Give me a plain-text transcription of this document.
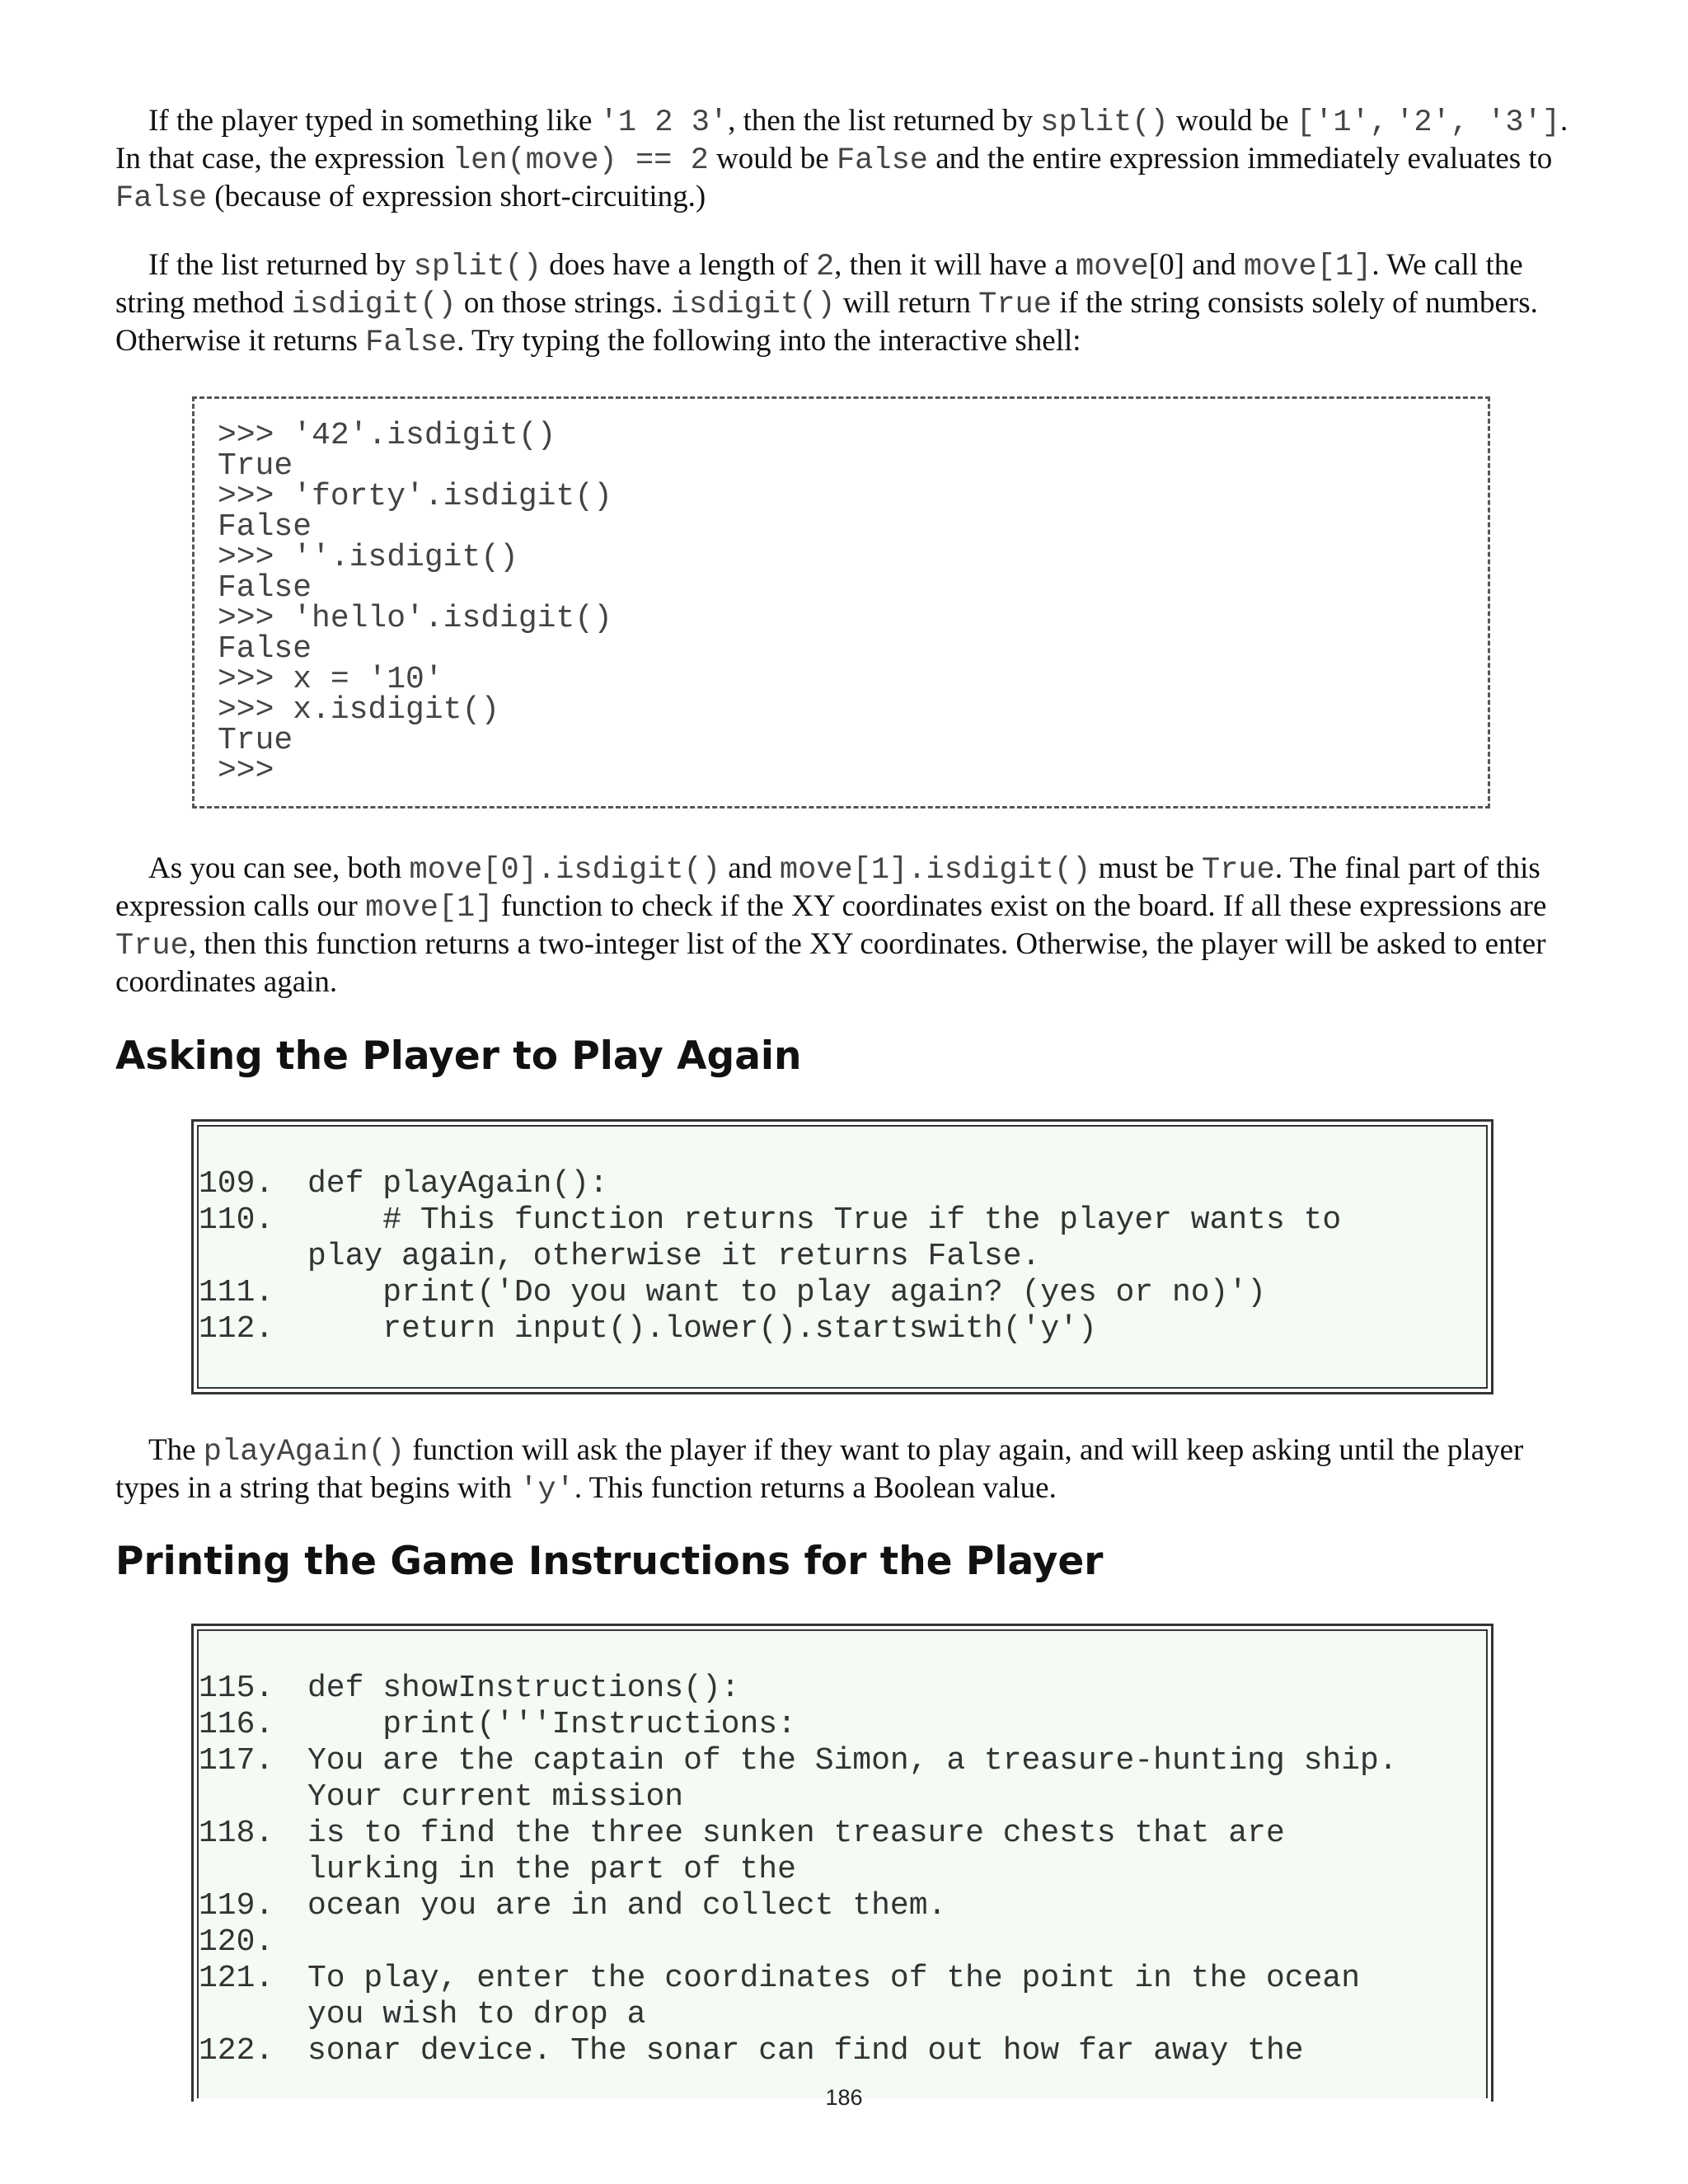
If the player typed in something like '1 2 3', then the list returned by split() would be ['1', '2', '3']. In that case, the expression len(move) == 2 would be False and the entire expression immediately evaluates to False (because of expression short-circuiting.)

If the list returned by split() does have a length of 2, then it will have a move[0] and move[1]. We call the string method isdigit() on those strings. isdigit() will return True if the string consists solely of numbers. Otherwise it returns False. Try typing the following into the interactive shell:

>>> '42'.isdigit()
True
>>> 'forty'.isdigit()
False
>>> ''.isdigit()
False
>>> 'hello'.isdigit()
False
>>> x = '10'
>>> x.isdigit()
True
>>>

As you can see, both move[0].isdigit() and move[1].isdigit() must be True. The final part of this expression calls our move[1] function to check if the XY coordinates exist on the board. If all these expressions are True, then this function returns a two-integer list of the XY coordinates. Otherwise, the player will be asked to enter coordinates again.

Asking the Player to Play Again
109.	def playAgain():
110.	# This function returns True if the player wants to
play again, otherwise it returns False.
111.	print('Do you want to play again? (yes or no)')
112.	return input().lower().startswith('y')

The playAgain() function will ask the player if they want to play again, and will keep asking until the player types in a string that begins with 'y'. This function returns a Boolean value.

Printing the Game Instructions for the Player
115.	def showInstructions():
116.	print('''Instructions:
117.	You are the captain of the Simon, a treasure-hunting ship.
Your current mission
118.	is to find the three sunken treasure chests that are
lurking in the part of the
119.	ocean you are in and collect them.
120.
121.	To play, enter the coordinates of the point in the ocean
you wish to drop a
122.	sonar device. The sonar can find out how far away the
186
